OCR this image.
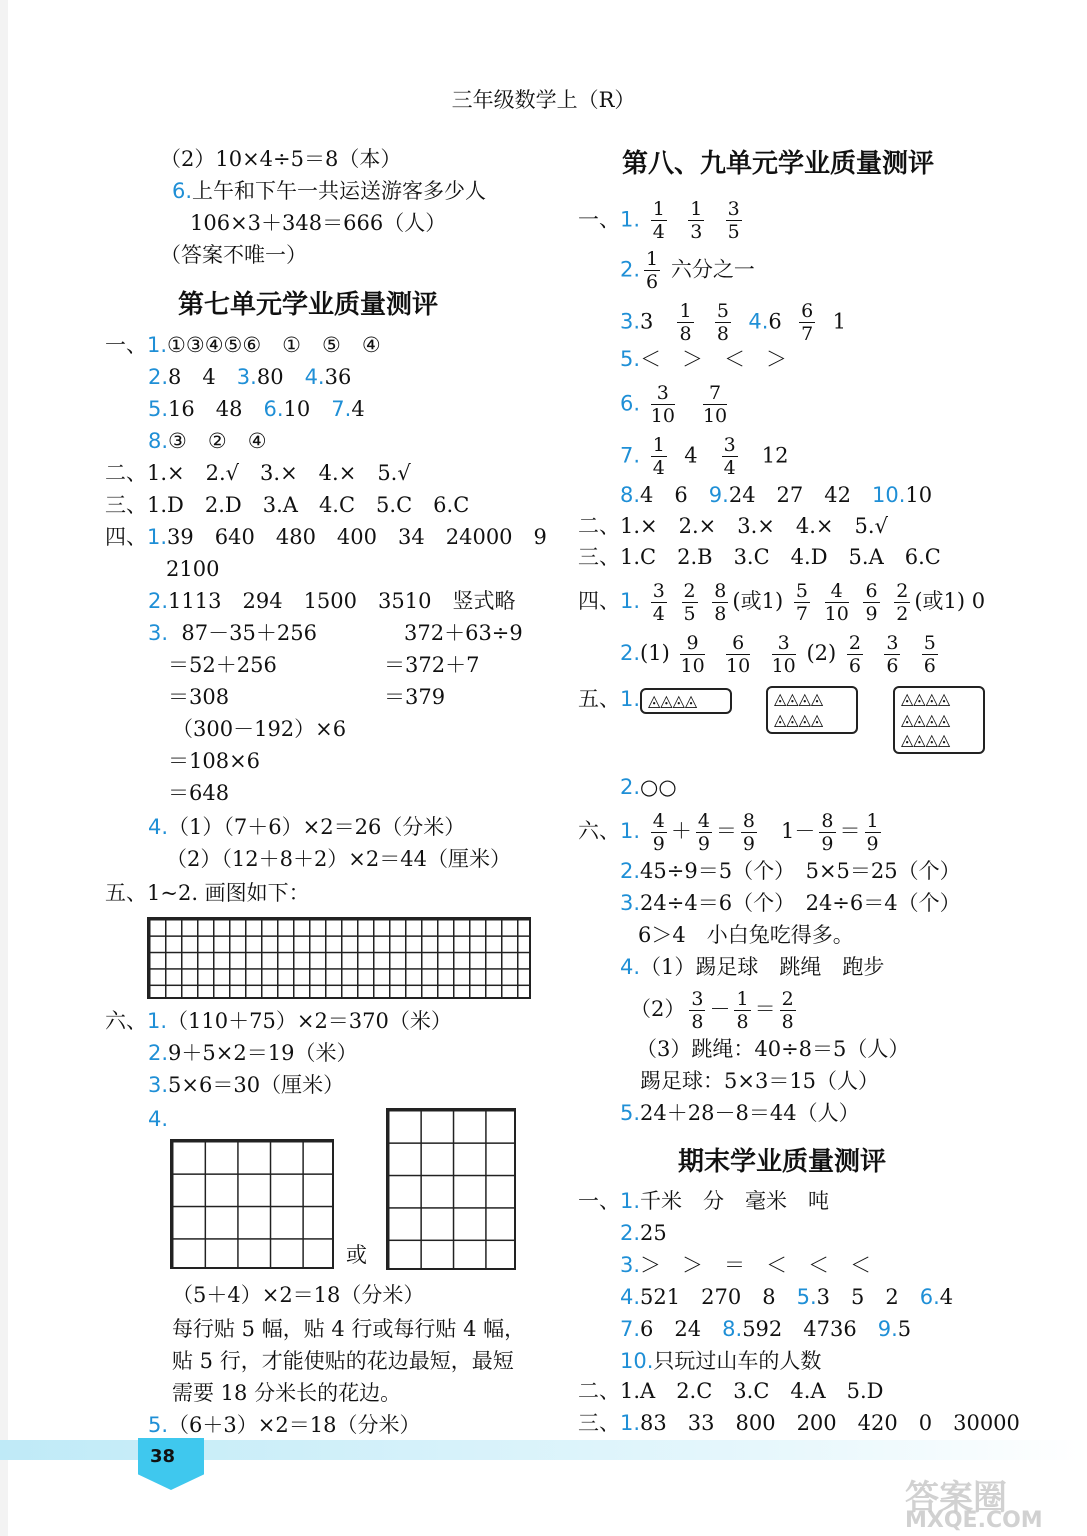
三年级数学上（R）
（2）10×4÷5＝8（本）
6.上午和下午一共运送游客多少人
106×3＋348＝666（人）
（答案不唯一）
第七单元学业质量测评
一、1.①③④⑤⑥　①　⑤　④
2.8　4　3.80　4.36
5.16　48　6.10　7.4
8.③　②　④
二、1.×　2.√　3.×　4.×　5.√
三、1.D　2.D　3.A　4.C　5.C　6.C
四、1.39　640　480　400　34　24000　9
2100
2.1113　294　1500　3510　竖式略
3. 87－35＋256	372＋63÷9
＝52＋256	＝372＋7
＝308	＝379
（300－192）×6
＝108×6
＝648
4.（1）（7＋6）×2＝26（分米）
（2）（12＋8＋2）×2＝44（厘米）
五、1~2. 画图如下：
六、1.（110＋75）×2＝370（米）
2.9＋5×2＝19（米）
3.5×6＝30（厘米）
4.
或
（5＋4）×2＝18（分米）
每行贴 5 幅，贴 4 行或每行贴 4 幅，
贴 5 行，才能使贴的花边最短，最短
需要 18 分米长的花边。
5.（6＋3）×2＝18（分米）
第八、九单元学业质量测评
一、1. $\frac{1}{4}$
$\frac{1}{3}$
$\frac{3}{5}$
2. $\frac{1}{6}$ 六分之一
$3.3 \frac{1}{8}$
$\frac{5}{8} 4.6 \frac{6}{7} 1$
5.＜　＞　＜　＞
6. $\frac{3}{10}$
$\frac{7}{10}$
7. $\frac{1}{4} 4 \frac{3}{4} 12$
8.4　6　9.24　27　42　10.10
二、1.×　2.×　3.×　4.×　5.√
三、1.C　2.B　3.C　4.D　5.A　6.C
四、1. $\frac{3}{4}$
$\frac{2}{5}$
$\frac{8}{8}$ (或$1) \frac{5}{7}$
$\frac{4}{10}$
$\frac{6}{9}$
$\frac{2}{2}$ (或1) 0
$2.(1) \frac{9}{10}$
$\frac{6}{10}$
$\frac{3}{10} (2) \frac{2}{6}$
$\frac{3}{6}$
$\frac{5}{6}$
五、1. ◬◬◬◬	◬◬◬◬
◬◬◬◬
◬◬◬◬
◬◬◬◬
◬◬◬◬
2.○○
六、1. $\frac{4}{9} + \frac{4}{9} = \frac{8}{9} 1- \frac{8}{9} = \frac{1}{9}$
2.45÷9＝5（个）　5×5＝25（个）
3.24÷4＝6（个）　24÷6＝4（个）
6＞4　小白兔吃得多。
4.（1）踢足球　跳绳　跑步
$(2) \frac{3}{8} - \frac{1}{8} = \frac{2}{8}$
（3）跳绳：40÷8＝5（人）
踢足球：5×3＝15（人）
5.24＋28－8＝44（人）
期末学业质量测评
一、1.千米　分　毫米　吨
2.25
3.＞　＞　＝　＜　＜　＜
4.521　270　8　5.3　5　2　6.4
7.6　24　8.592　4736　9.5
10.只玩过山车的人数
二、1.A　2.C　3.C　4.A　5.D
三、1.83　33　800　200　420　0　30000
38
答案圈
MXQE.COM
